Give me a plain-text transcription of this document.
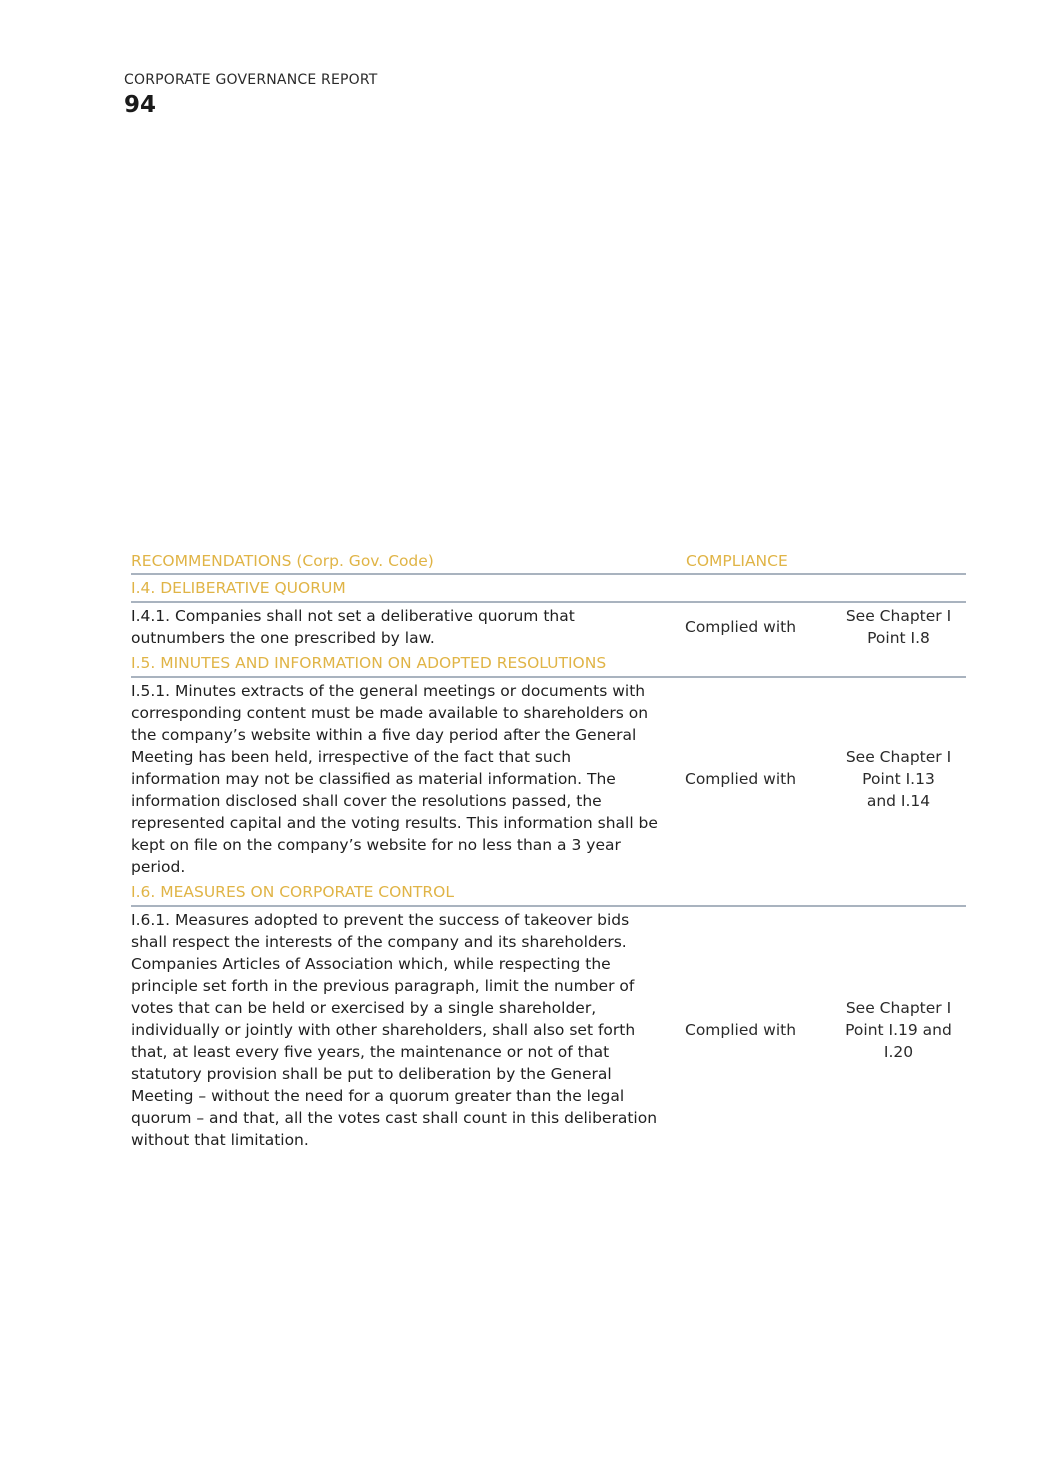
CORPORATE GOVERNANCE REPORT
94
RECOMMENDATIONS (Corp. Gov. Code)	COMPLIANCE
I.4. DELIBERATIVE QUORUM
I.4.1. Companies shall not set a deliberative quorum that outnumbers the one prescribed by law.
Complied with
See Chapter I
Point I.8
I.5. MINUTES AND INFORMATION ON ADOPTED RESOLUTIONS
I.5.1. Minutes extracts of the general meetings or documents with corresponding content must be made available to shareholders on the company’s website within a five day period after the General Meeting has been held, irrespective of the fact that such information may not be classified as material information. The information disclosed shall cover the resolutions passed, the represented capital and the voting results. This information shall be kept on file on the company’s website for no less than a 3 year period.
Complied with
See Chapter I
Point I.13
and I.14
I.6. MEASURES ON CORPORATE CONTROL
I.6.1. Measures adopted to prevent the success of takeover bids shall respect the interests of the company and its shareholders. Companies Articles of Association which, while respecting the principle set forth in the previous paragraph, limit the number of votes that can be held or exercised by a single shareholder, individually or jointly with other shareholders, shall also set forth that, at least every five years, the maintenance or not of that statutory provision shall be put to deliberation by the General Meeting – without the need for a quorum greater than the legal quorum – and that, all the votes cast shall count in this deliberation without that limitation.
Complied with
See Chapter I
Point I.19 and
I.20
